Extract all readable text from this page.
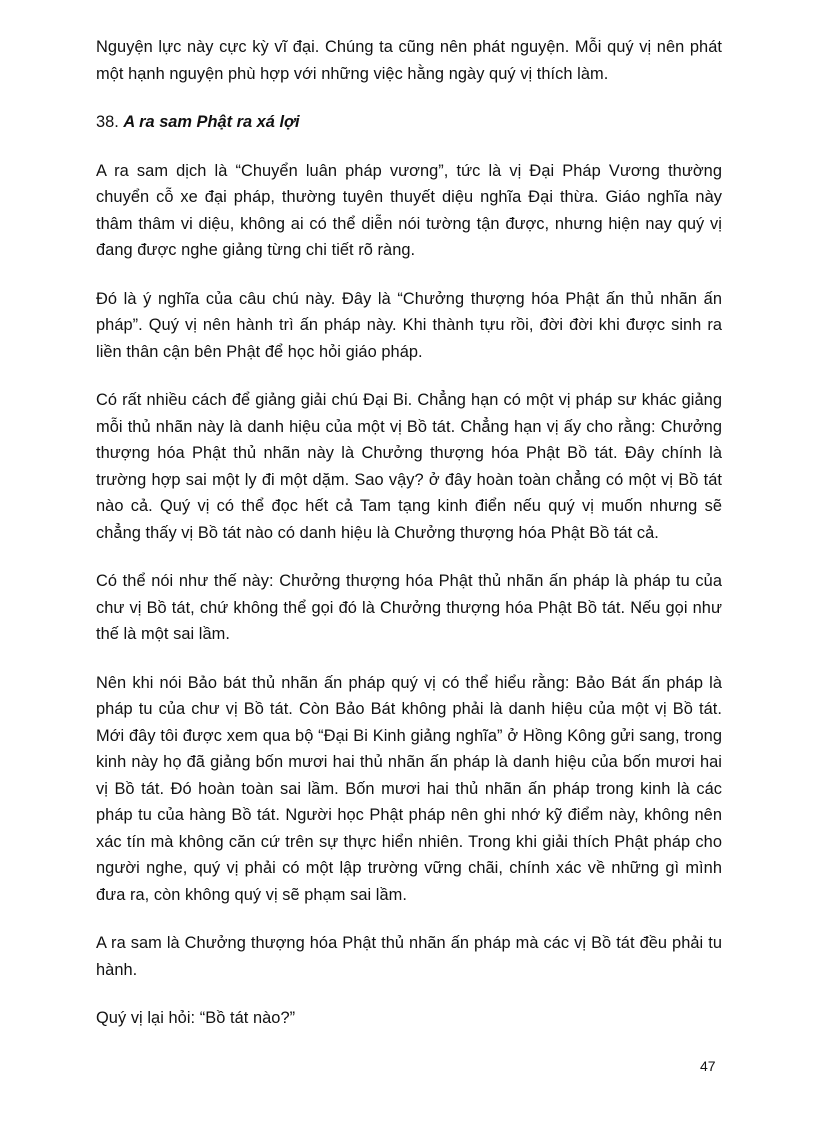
Nguyện lực này cực kỳ vĩ đại. Chúng ta cũng nên phát nguyện. Mỗi quý vị nên phát một hạnh nguyện phù hợp với những việc hằng ngày quý vị thích làm.

38. A ra sam Phật ra xá lợi

A ra sam dịch là “Chuyển luân pháp vương”, tức là vị Đại Pháp Vương thường chuyển cỗ xe đại pháp, thường tuyên thuyết diệu nghĩa Đại thừa. Giáo nghĩa này thâm thâm vi diệu, không ai có thể diễn nói tường tận được, nhưng hiện nay quý vị đang được nghe giảng từng chi tiết rõ ràng.

Đó là ý nghĩa của câu chú này. Đây là “Chưởng thượng hóa Phật ấn thủ nhãn ấn pháp”. Quý vị nên hành trì ấn pháp này. Khi thành tựu rồi, đời đời khi được sinh ra liền thân cận bên Phật để học hỏi giáo pháp.

Có rất nhiều cách để giảng giải chú Đại Bi. Chẳng hạn có một vị pháp sư khác giảng mỗi thủ nhãn này là danh hiệu của một vị Bồ tát. Chẳng hạn vị ấy cho rằng: Chưởng thượng hóa Phật thủ nhãn này là Chưởng thượng hóa Phật Bồ tát. Đây chính là trường hợp sai một ly đi một dặm. Sao vậy? ở đây hoàn toàn chẳng có một vị Bồ tát nào cả. Quý vị có thể đọc hết cả Tam tạng kinh điển nếu quý vị muốn nhưng sẽ chẳng thấy vị Bồ tát nào có danh hiệu là Chưởng thượng hóa Phật Bồ tát cả.

Có thể nói như thế này: Chưởng thượng hóa Phật thủ nhãn ấn pháp là pháp tu của chư vị Bồ tát, chứ không thể gọi đó là Chưởng thượng hóa Phật Bồ tát. Nếu gọi như thế là một sai lầm.

Nên khi nói Bảo bát thủ nhãn ấn pháp quý vị có thể hiểu rằng: Bảo Bát ấn pháp là pháp tu của chư vị Bồ tát. Còn Bảo Bát không phải là danh hiệu của một vị Bồ tát. Mới đây tôi được xem qua bộ “Đại Bi Kinh giảng nghĩa” ở Hồng Kông gửi sang, trong kinh này họ đã giảng bốn mươi hai thủ nhãn ấn pháp là danh hiệu của bốn mươi hai vị Bồ tát. Đó hoàn toàn sai lầm. Bốn mươi hai thủ nhãn ấn pháp trong kinh là các pháp tu của hàng Bồ tát. Người học Phật pháp nên ghi nhớ kỹ điểm này, không nên xác tín mà không căn cứ trên sự thực hiển nhiên. Trong khi giải thích Phật pháp cho người nghe, quý vị phải có một lập trường vững chãi, chính xác về những gì mình đưa ra, còn không quý vị sẽ phạm sai lầm.

A ra sam là Chưởng thượng hóa Phật thủ nhãn ấn pháp mà các vị Bồ tát đều phải tu hành.

Quý vị lại hỏi: “Bồ tát nào?”

47
